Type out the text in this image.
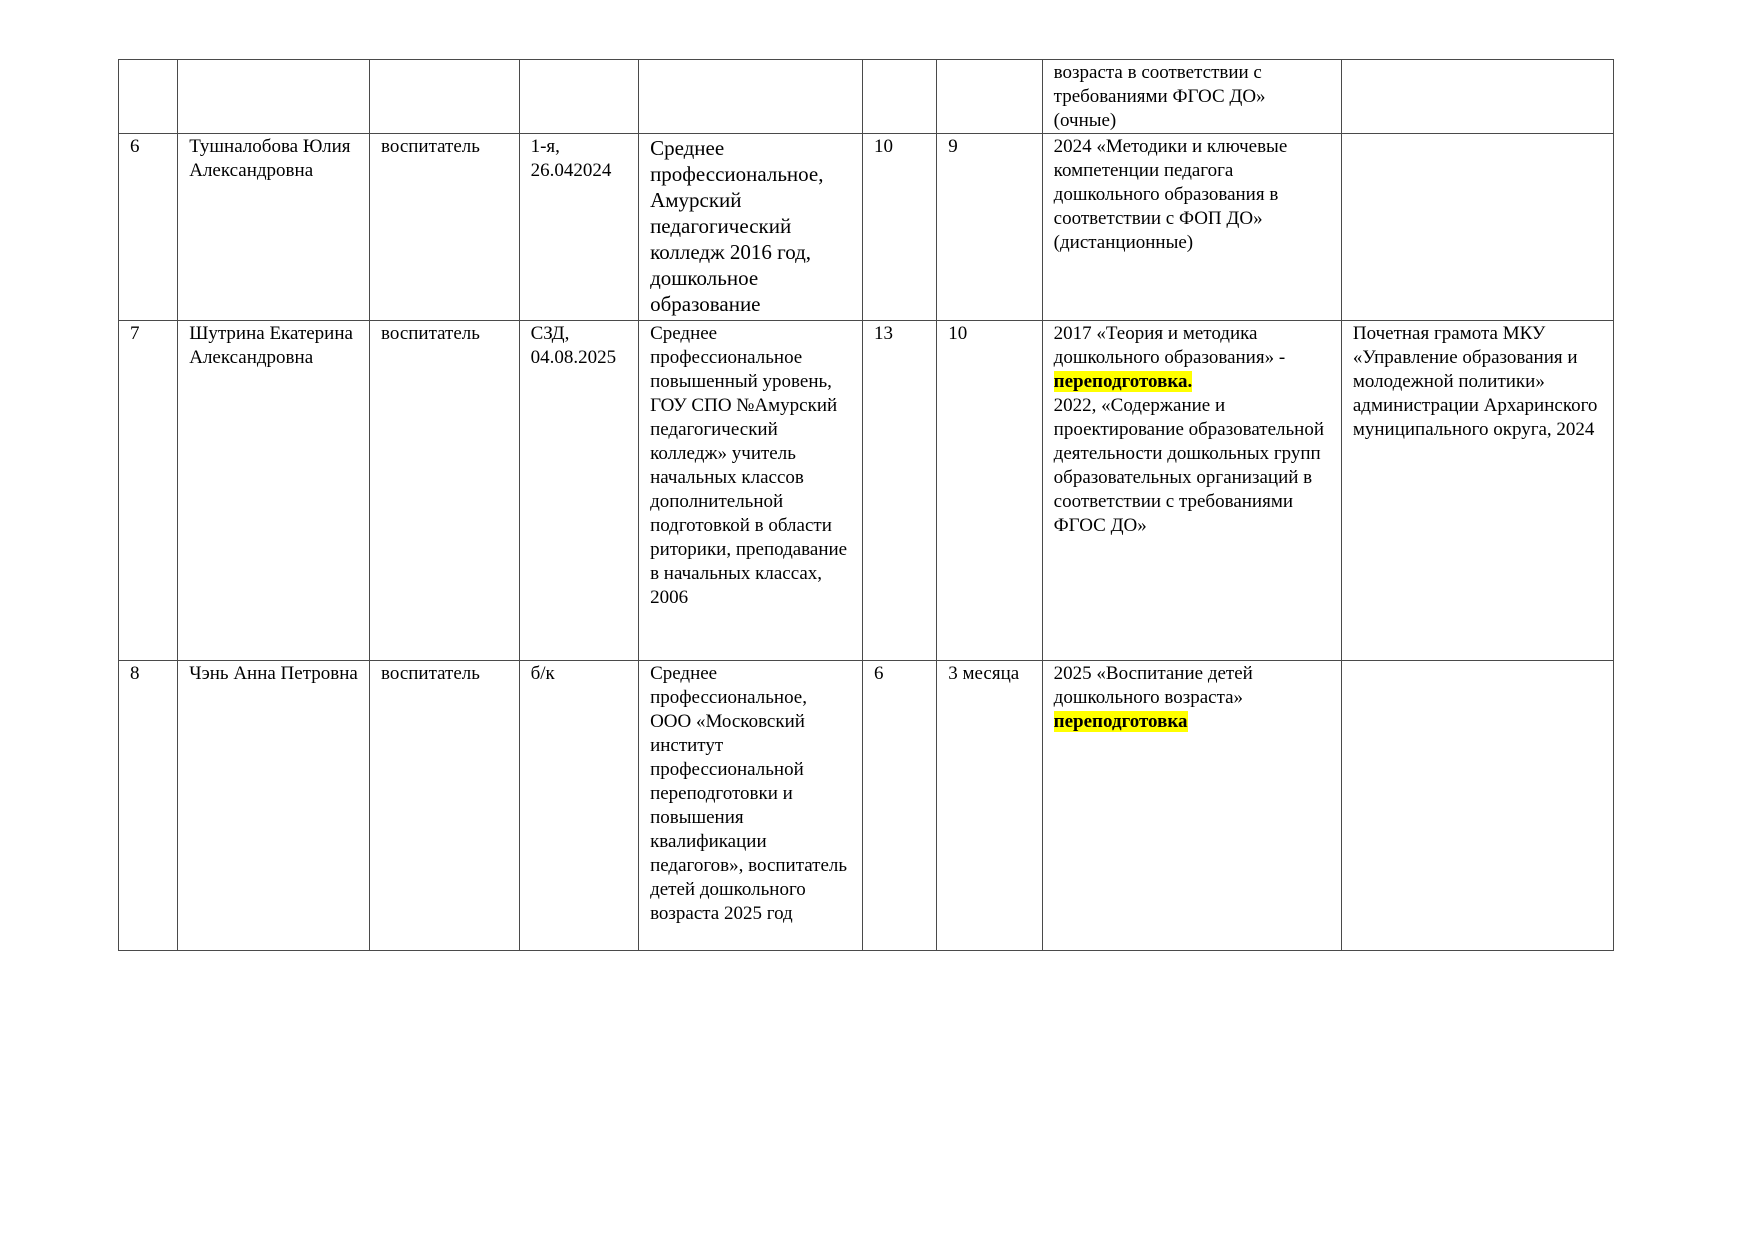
							возраста в соответствии с требованиями ФГОС ДО» (очные)	
6	Тушналобова Юлия Александровна	воспитатель	1-я, 26.042024	Среднее профессиональное, Амурский педагогический колледж 2016 год, дошкольное образование	10	9	2024 «Методики и ключевые компетенции педагога дошкольного образования в соответствии с ФОП ДО» (дистанционные)	
7	Шутрина Екатерина Александровна	воспитатель	СЗД, 04.08.2025	Среднее профессиональное повышенный уровень, ГОУ СПО №Амурский педагогический колледж» учитель начальных классов дополнительной подготовкой в области риторики, преподавание в начальных классах, 2006	13	10	2017 «Теория и методика дошкольного образования» - переподготовка.
2022, «Содержание и проектирование образовательной деятельности дошкольных групп образовательных организаций в соответствии с требованиями ФГОС ДО»	Почетная грамота МКУ «Управление образования и молодежной политики» администрации Архаринского муниципального округа, 2024
8	Чэнь Анна Петровна	воспитатель	б/к	Среднее профессиональное, ООО «Московский институт профессиональной переподготовки и повышения квалификации педагогов», воспитатель детей дошкольного возраста 2025 год	6	3 месяца	2025 «Воспитание детей дошкольного возраста»
переподготовка	
